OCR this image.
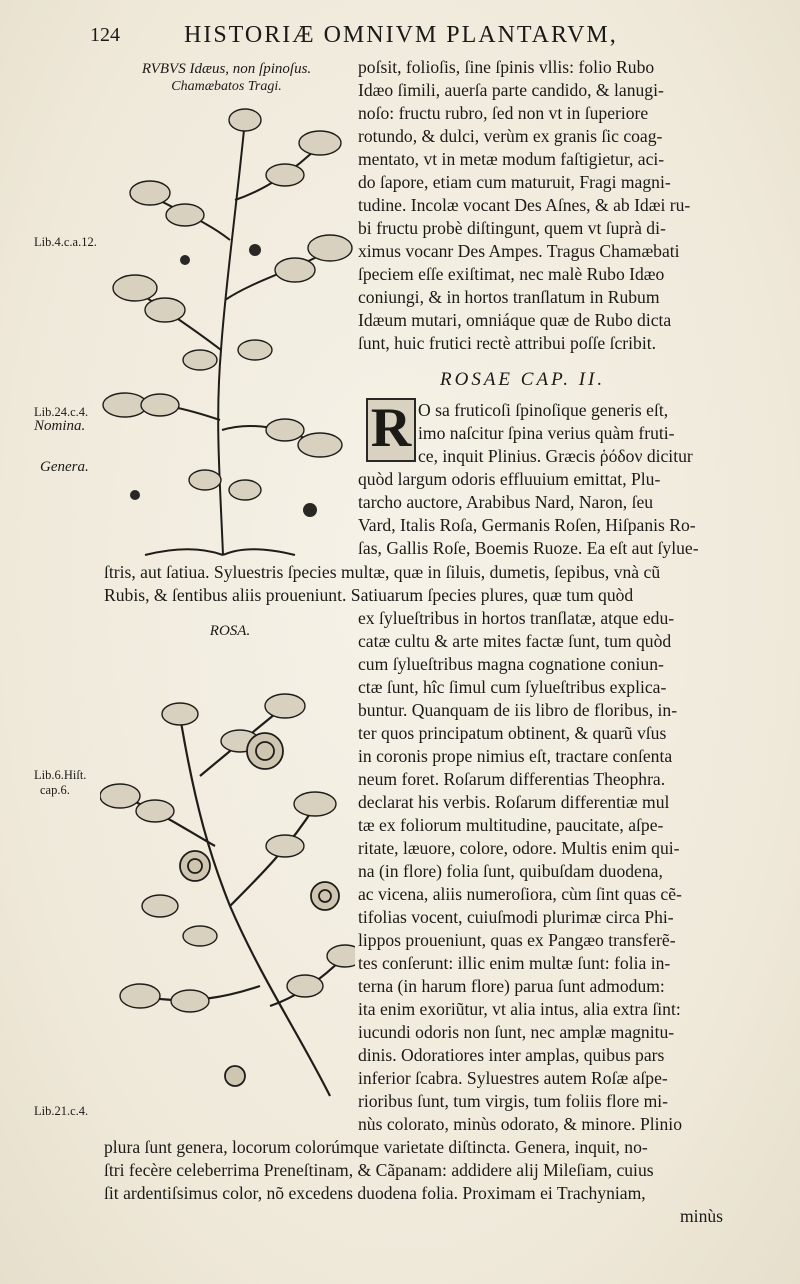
124	HISTORIÆ OMNIVM PLANTARVM,
RVBVS Idæus, non ſpinoſus.
Chamæbatos Tragi.
ROSA.
Lib.4.c.a.12.
Lib.24.c.4.
Nomina.
Genera.
Lib.6.Hiſt.
cap.6.
Lib.21.c.4.
poſsit, folioſis, ſine ſpinis vllis: folio Rubo
Idæo ſimili, auerſa parte candido, & lanugi-
noſo: fructu rubro, ſed non vt in ſuperiore
rotundo, & dulci, verùm ex granis ſic coag-
mentato, vt in metæ modum faſtigietur, aci-
do ſapore, etiam cum maturuit, Fragi magni-
tudine. Incolæ vocant Des Aſnes, & ab Idæi ru-
bi fructu probè diſtingunt, quem vt ſuprà di-
ximus vocanr Des Ampes. Tragus Chamæbati
ſpeciem eſſe exiſtimat, nec malè Rubo Idæo
coniungi, & in hortos tranſlatum in Rubum
Idæum mutari, omniáque quæ de Rubo dicta
ſunt, huic frutici rectè attribui poſſe ſcribit.
ROSAE CAP. II.
R O sa fruticoſi ſpinoſique generis eſt,
imo naſcitur ſpina verius quàm fruti-
ce, inquit Plinius. Græcis ῥόδον dicitur
quòd largum odoris effluuium emittat, Plu-
tarcho auctore, Arabibus Nard, Naron, ſeu
Vard, Italis Roſa, Germanis Roſen, Hiſpanis Ro-
ſas, Gallis Roſe, Boemis Ruoze. Ea eſt aut ſylue-
ſtris, aut ſatiua. Syluestris ſpecies multæ, quæ in ſiluis, dumetis, ſepibus, vnà cũ
Rubis, & ſentibus aliis proueniunt. Satiuarum ſpecies plures, quæ tum quòd
ex ſylueſtribus in hortos tranſlatæ, atque edu-
catæ cultu & arte mites factæ ſunt, tum quòd
cum ſylueſtribus magna cognatione coniun-
ctæ ſunt, hîc ſimul cum ſylueſtribus explica-
buntur. Quanquam de iis libro de floribus, in-
ter quos principatum obtinent, & quarũ vſus
in coronis prope nimius eſt, tractare conſenta
neum foret. Roſarum differentias Theophra.
declarat his verbis. Roſarum differentiæ mul
tæ ex foliorum multitudine, paucitate, aſpe-
ritate, læuore, colore, odore. Multis enim qui-
na (in flore) folia ſunt, quibuſdam duodena,
ac vicena, aliis numeroſiora, cùm ſint quas cẽ-
tifolias vocent, cuiuſmodi plurimæ circa Phi-
lippos proueniunt, quas ex Pangæo transferẽ-
tes conſerunt: illic enim multæ ſunt: folia in-
terna (in harum flore) parua ſunt admodum:
ita enim exoriũtur, vt alia intus, alia extra ſint:
iucundi odoris non ſunt, nec amplæ magnitu-
dinis. Odoratiores inter amplas, quibus pars
inferior ſcabra. Syluestres autem Roſæ aſpe-
rioribus ſunt, tum virgis, tum foliis flore mi-
nùs colorato, minùs odorato, & minore. Plinio
plura ſunt genera, locorum colorúmque varietate diſtincta. Genera, inquit, no-
ſtri fecère celeberrima Preneſtinam, & Cãpanam: addidere alij Mileſiam, cuius
ſit ardentiſsimus color, nõ excedens duodena folia. Proximam ei Trachyniam,
minùs
